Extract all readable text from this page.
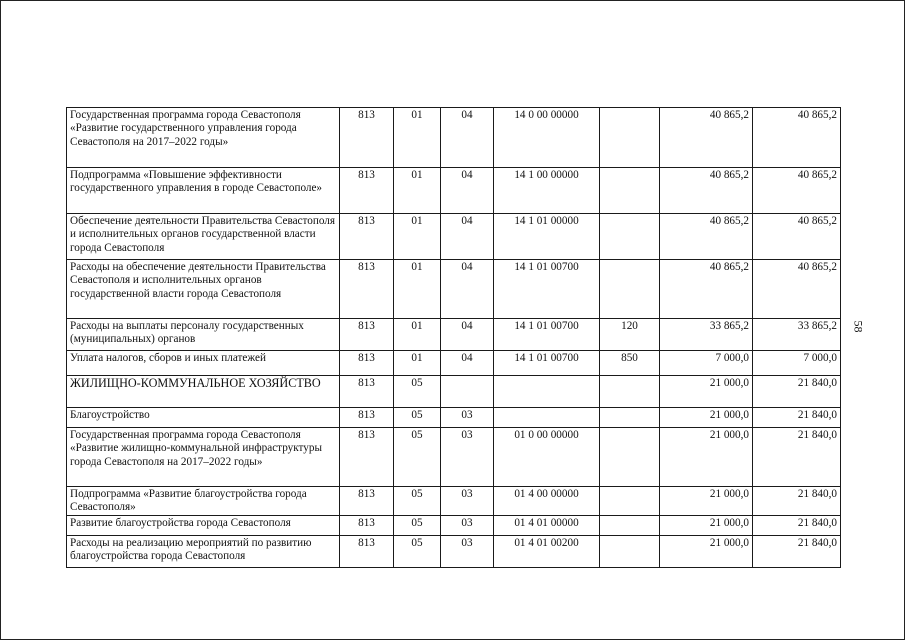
Государственная программа города Севастополя «Развитие государственного управления города Севастополя на 2017–2022 годы»	813	01	04	14 0 00 00000		40 865,2	40 865,2
Подпрограмма «Повышение эффективности государственного управления в городе Севастополе»	813	01	04	14 1 00 00000		40 865,2	40 865,2
Обеспечение деятельности Правительства Севастополя и исполнительных органов государственной власти города Севастополя	813	01	04	14 1 01 00000		40 865,2	40 865,2
Расходы на обеспечение деятельности Правительства Севастополя и исполнительных органов государственной власти города Севастополя	813	01	04	14 1 01 00700		40 865,2	40 865,2
Расходы на выплаты персоналу государственных (муниципальных) органов	813	01	04	14 1 01 00700	120	33 865,2	33 865,2
Уплата налогов, сборов и иных платежей	813	01	04	14 1 01 00700	850	7 000,0	7 000,0
ЖИЛИЩНО-КОММУНАЛЬНОЕ ХОЗЯЙСТВО	813	05				21 000,0	21 840,0
Благоустройство	813	05	03			21 000,0	21 840,0
Государственная программа города Севастополя «Развитие жилищно-коммунальной инфраструктуры города Севастополя на 2017–2022 годы»	813	05	03	01 0 00 00000		21 000,0	21 840,0
Подпрограмма «Развитие благоустройства города Севастополя»	813	05	03	01 4 00 00000		21 000,0	21 840,0
Развитие благоустройства города Севастополя	813	05	03	01 4 01 00000		21 000,0	21 840,0
Расходы на реализацию мероприятий по развитию благоустройства города Севастополя	813	05	03	01 4 01 00200		21 000,0	21 840,0
58
